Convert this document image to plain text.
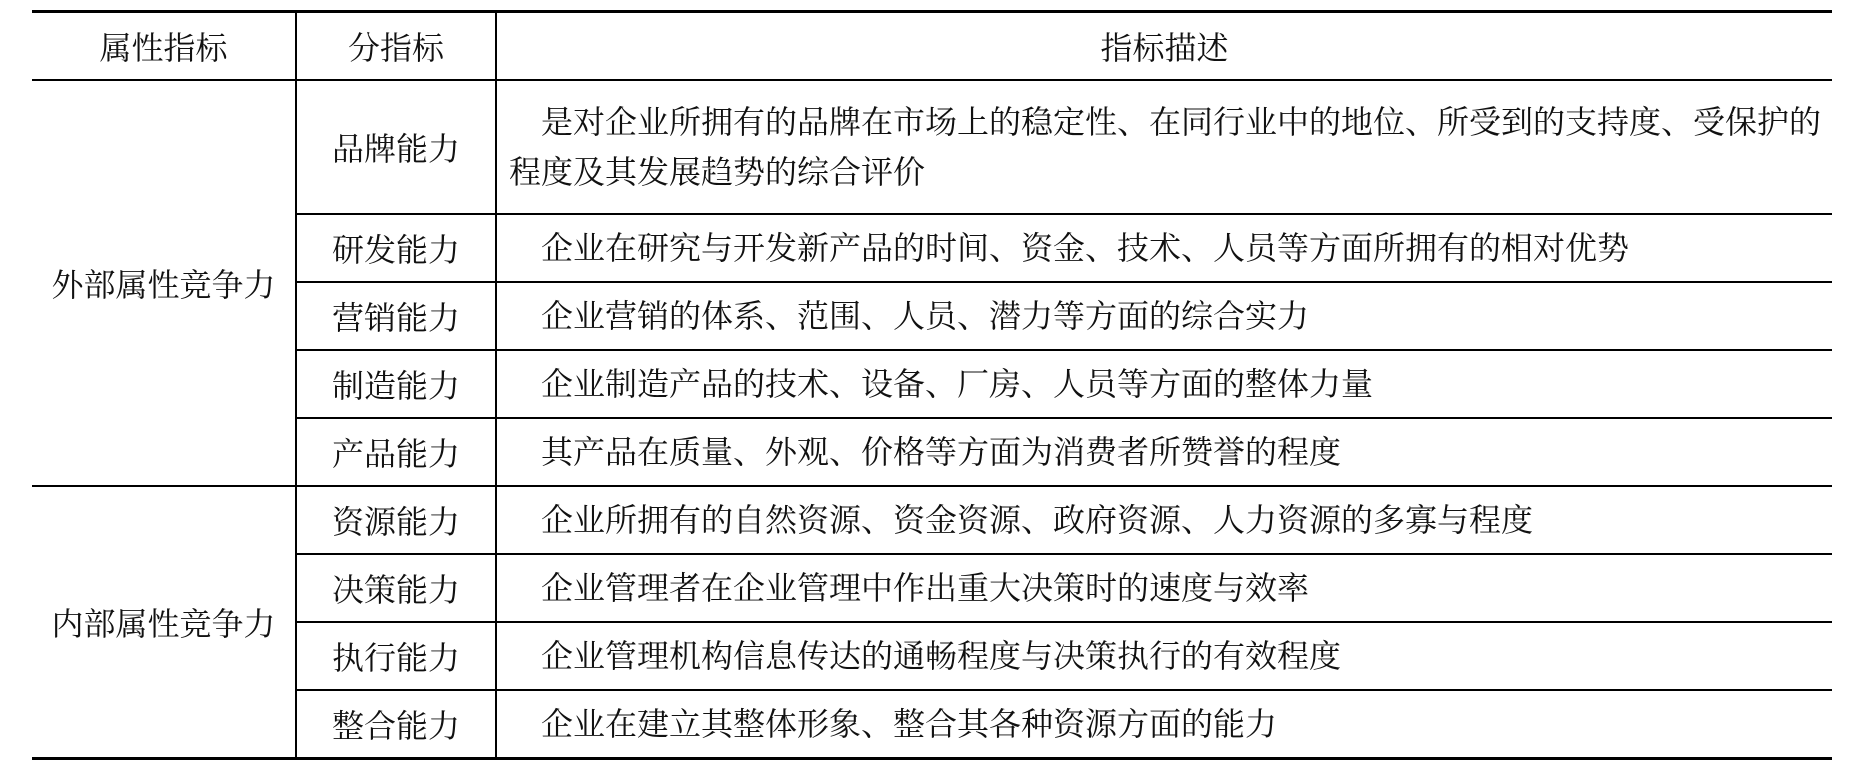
属性指标	分指标	指标描述
外部属性竞争力	品牌能力	是对企业所拥有的品牌在市场上的稳定性、在同行业中的地位、所受到的支持度、受保护的程度及其发展趋势的综合评价
	研发能力	企业在研究与开发新产品的时间、资金、技术、人员等方面所拥有的相对优势
	营销能力	企业营销的体系、范围、人员、潜力等方面的综合实力
	制造能力	企业制造产品的技术、设备、厂房、人员等方面的整体力量
	产品能力	其产品在质量、外观、价格等方面为消费者所赞誉的程度
内部属性竞争力	资源能力	企业所拥有的自然资源、资金资源、政府资源、人力资源的多寡与程度
	决策能力	企业管理者在企业管理中作出重大决策时的速度与效率
	执行能力	企业管理机构信息传达的通畅程度与决策执行的有效程度
	整合能力	企业在建立其整体形象、整合其各种资源方面的能力
